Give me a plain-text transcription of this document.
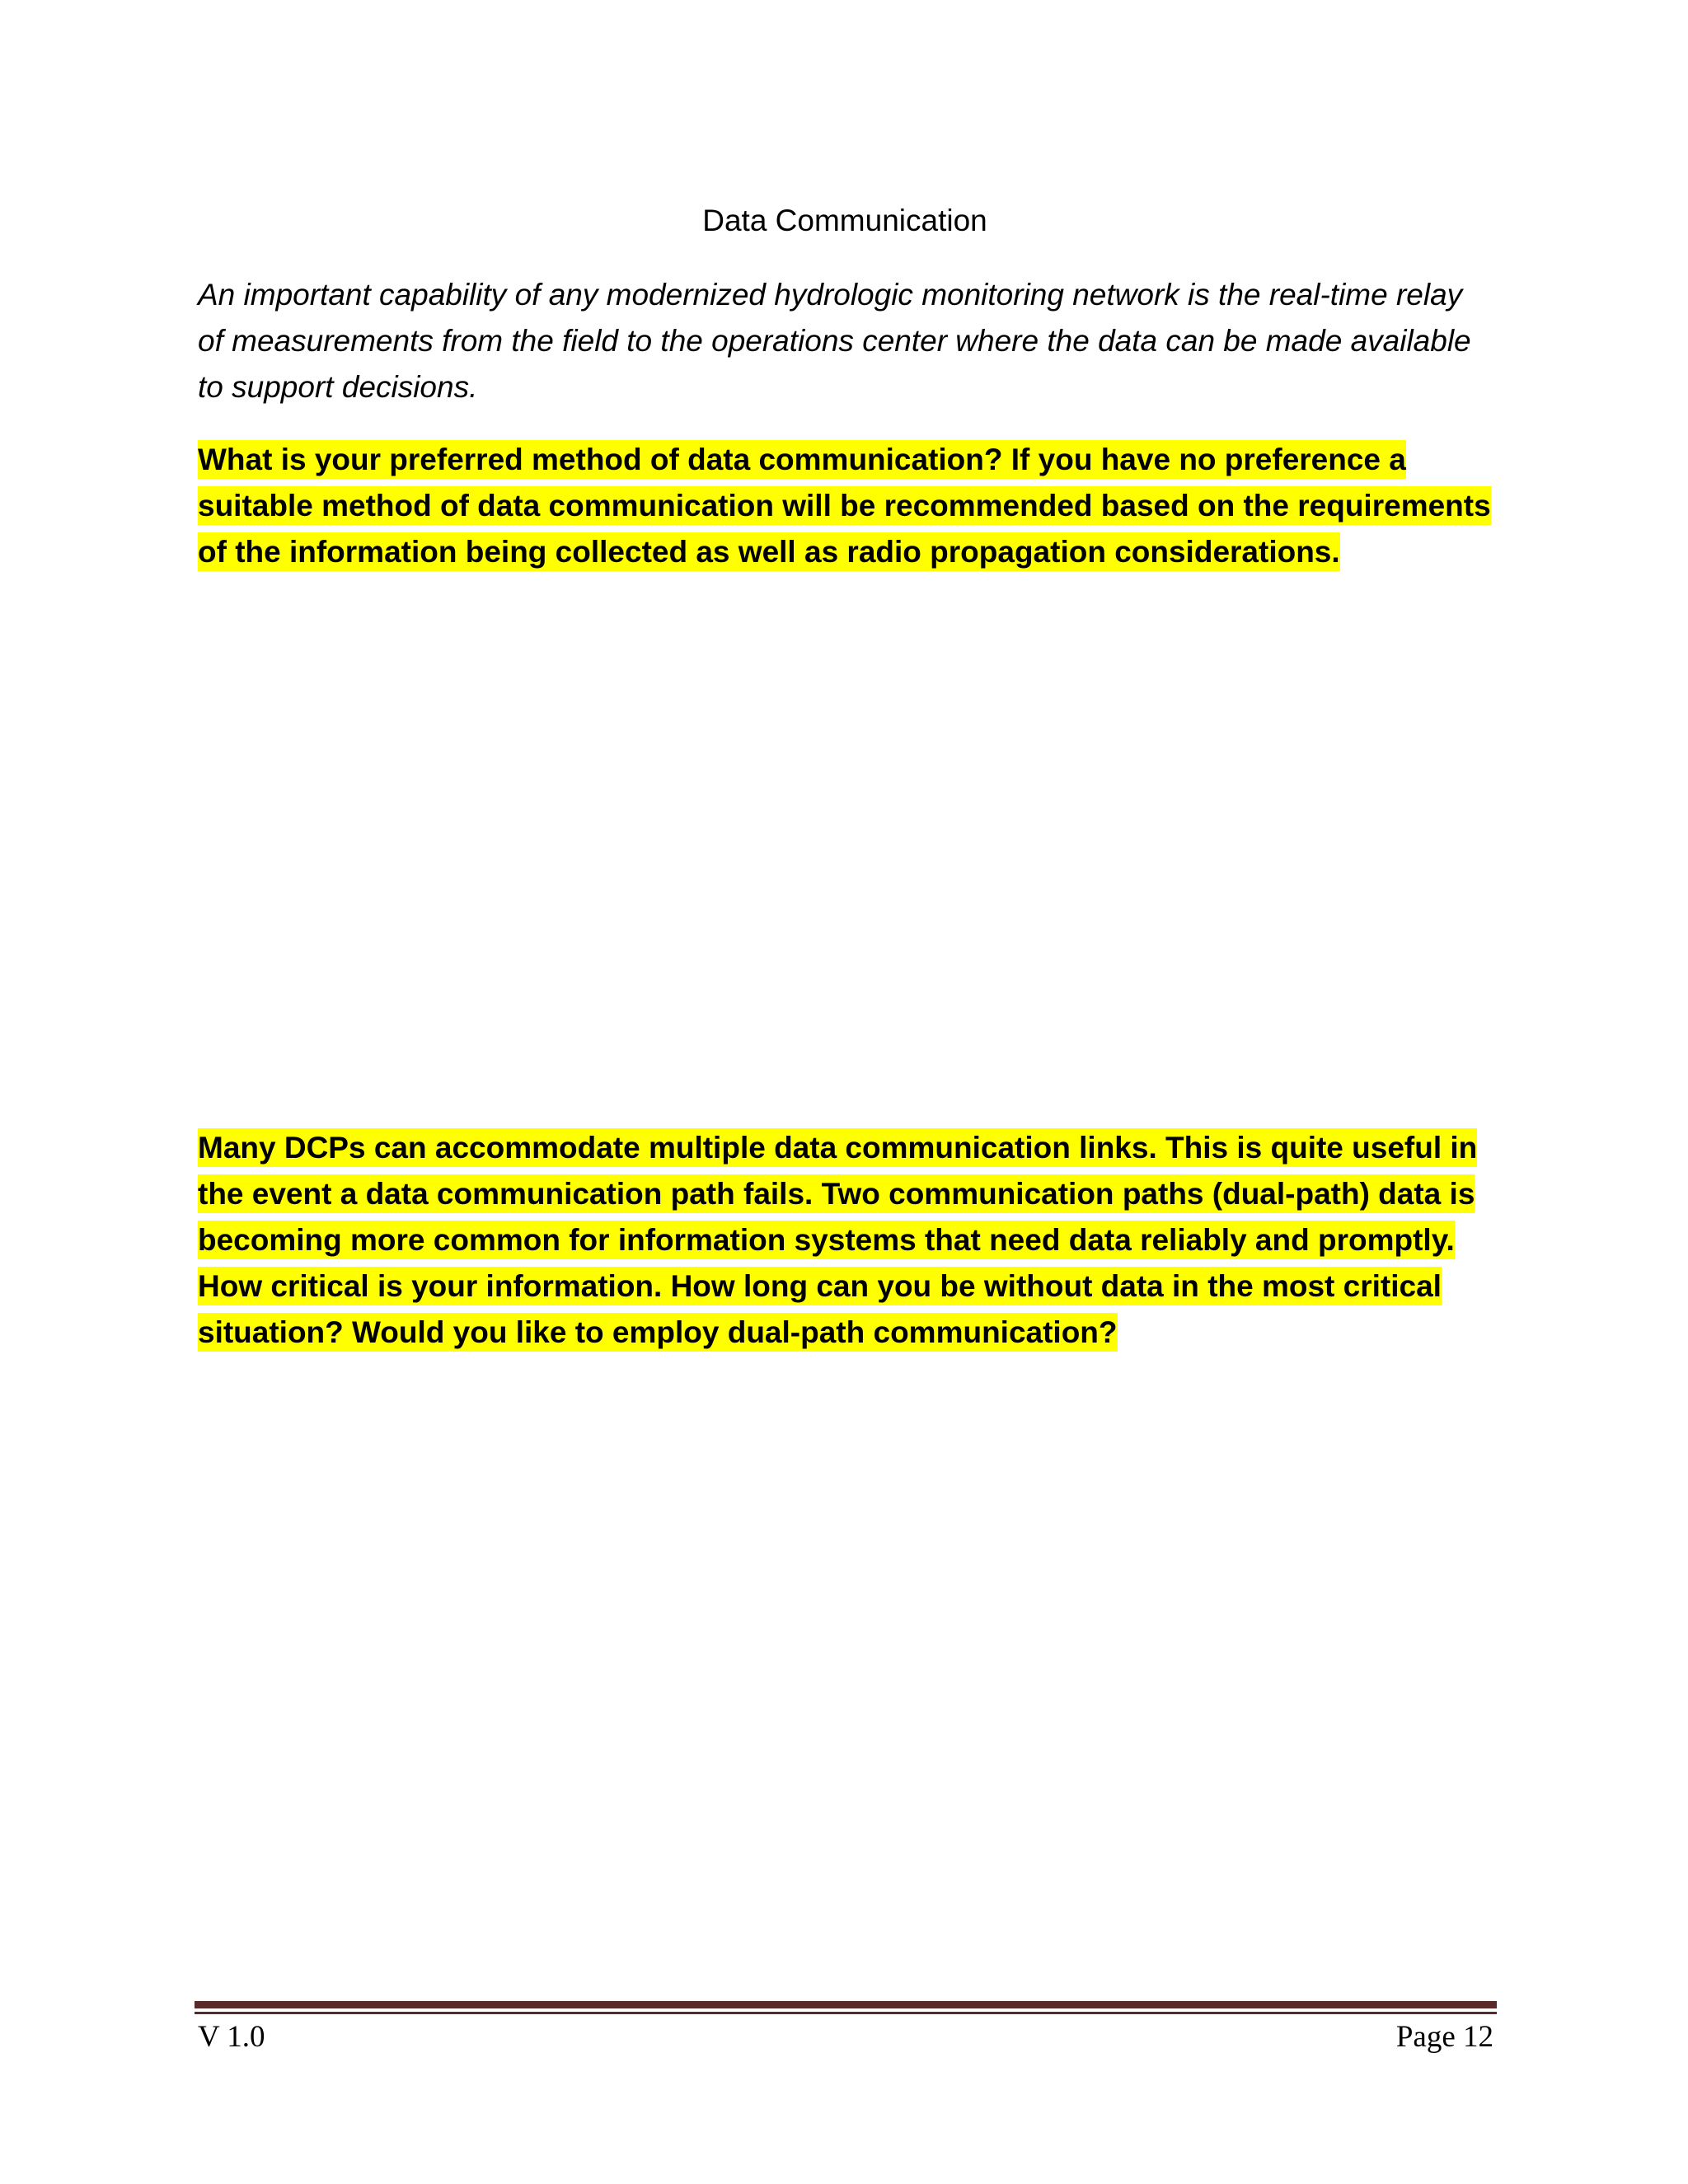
Data Communication

An important capability of any modernized hydrologic monitoring network is the real-time relay of measurements from the field to the operations center where the data can be made available to support decisions.

What is your preferred method of data communication? If you have no preference a suitable method of data communication will be recommended based on the requirements of the information being collected as well as radio propagation considerations.

Many DCPs can accommodate multiple data communication links. This is quite useful in the event a data communication path fails. Two communication paths (dual-path) data is becoming more common for information systems that need data reliably and promptly. How critical is your information. How long can you be without data in the most critical situation? Would you like to employ dual-path communication?

V 1.0	Page 12
